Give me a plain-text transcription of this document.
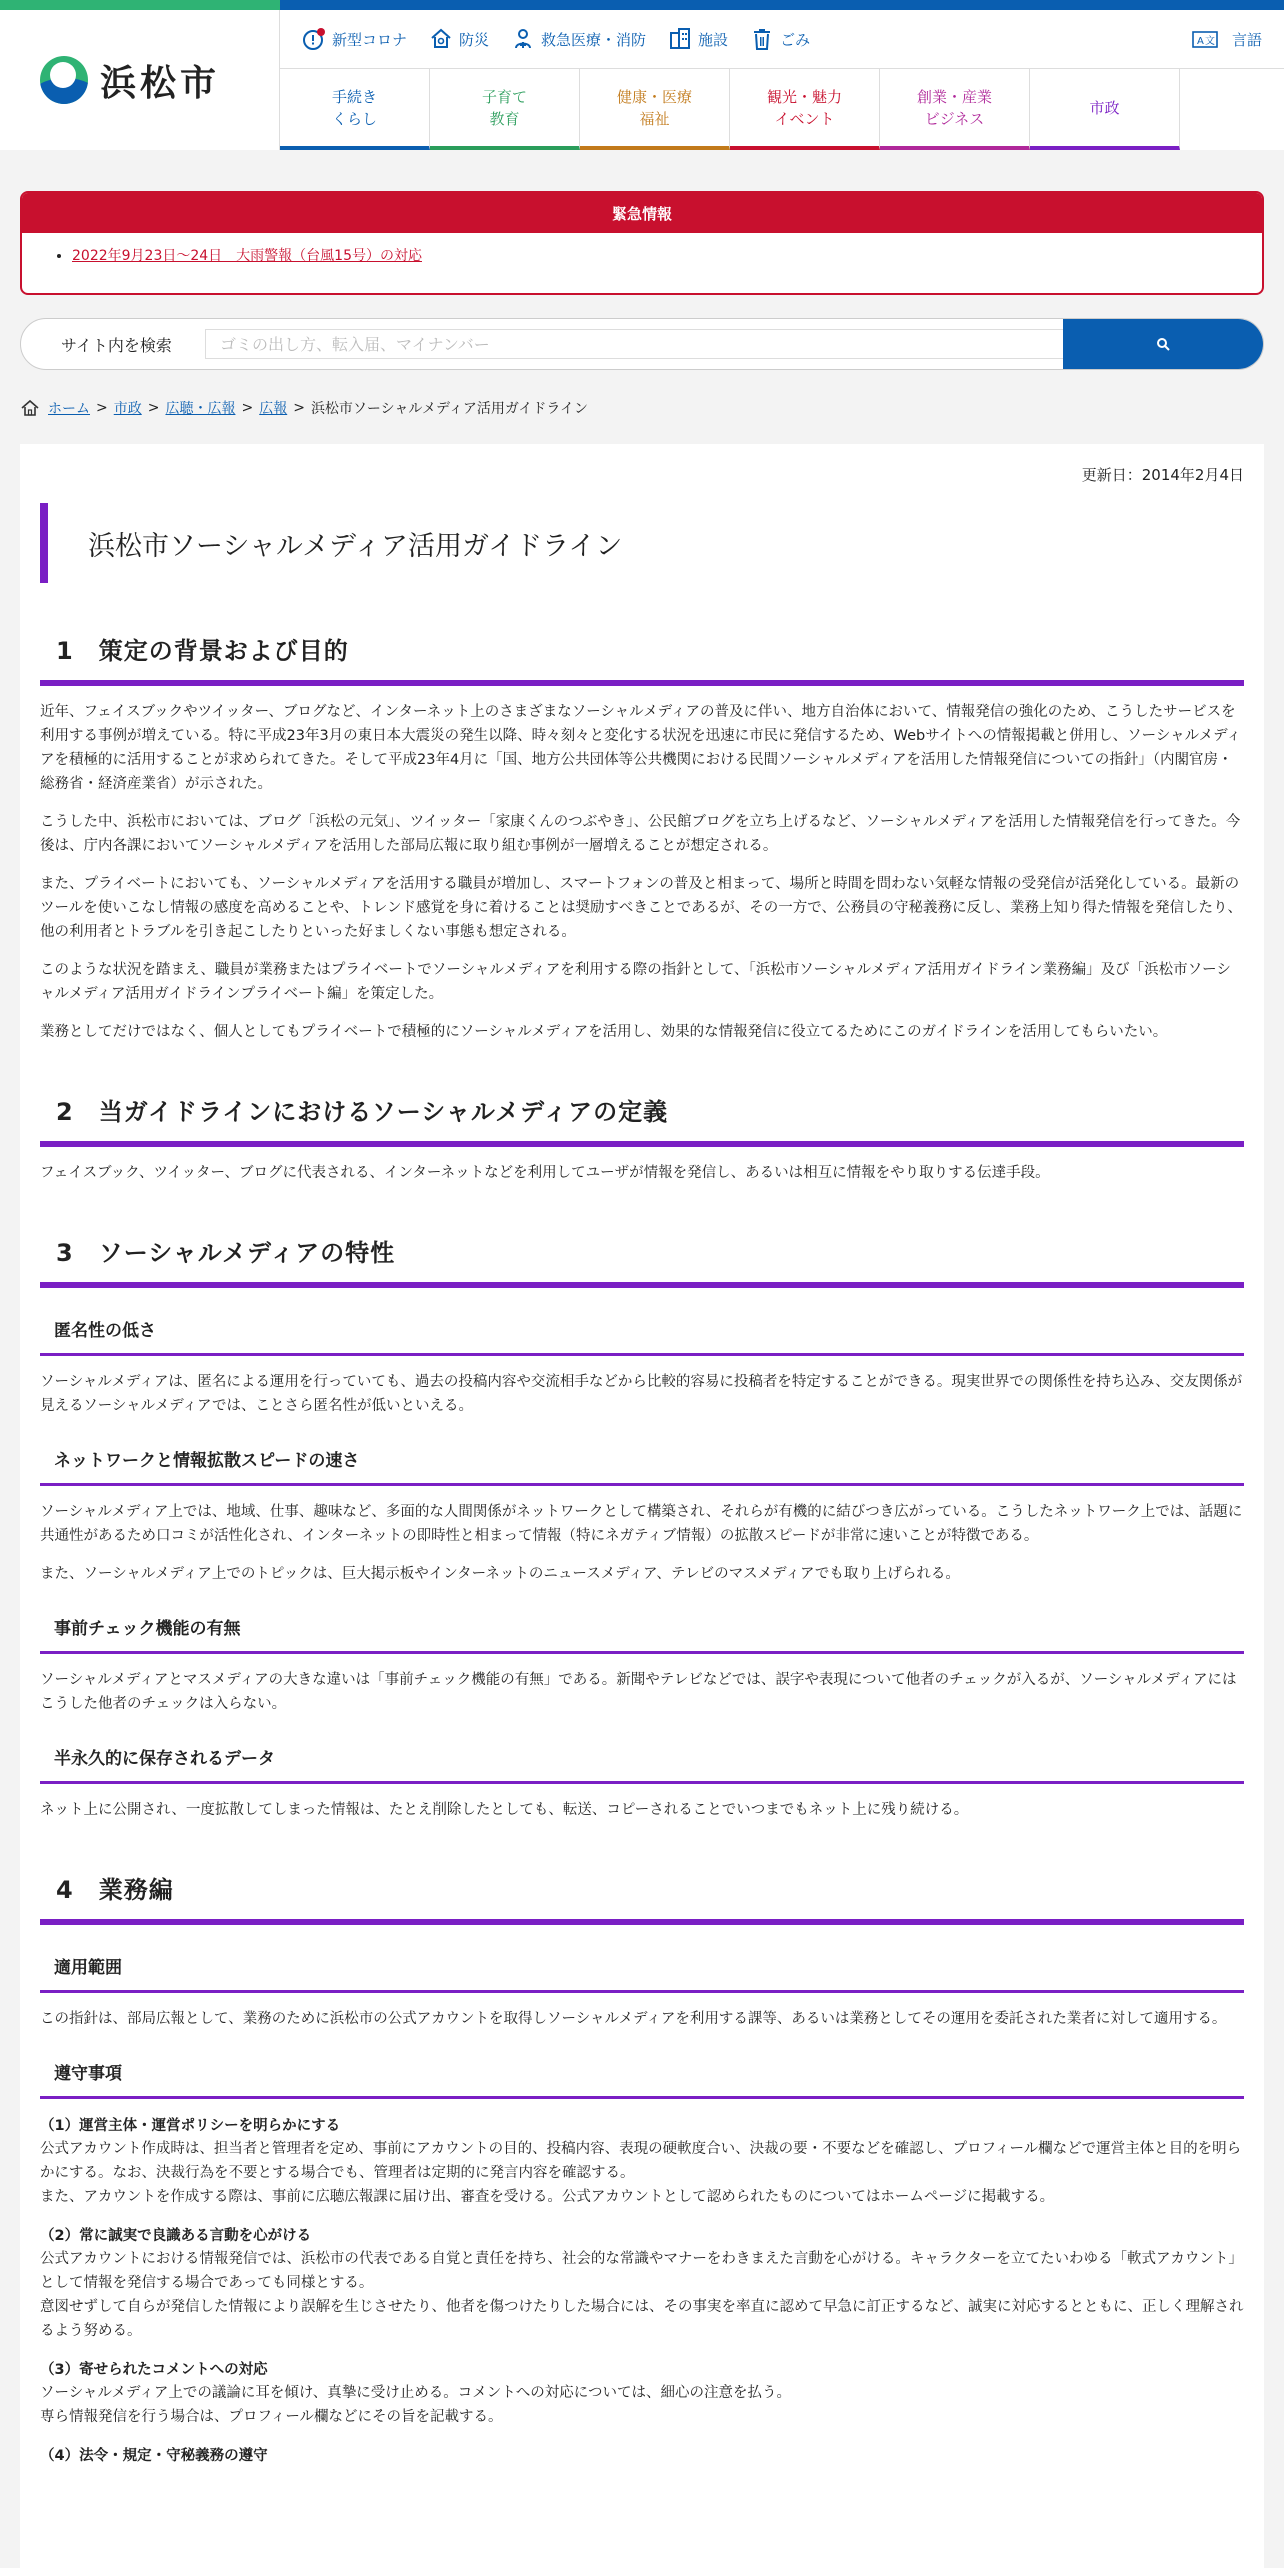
浜松市
新型コロナ	防災	救急医療・消防	施設	ごみ	A 文 言語
手続き
くらし
子育て
教育
健康・医療
福祉
観光・魅力
イベント
創業・産業
ビジネス
市政
緊急情報
• 2022年9月23日～24日　大雨警報（台風15号）の対応
サイト内を検索
ゴミの出し方、転入届、マイナンバー
ホーム > 市政 > 広聴・広報 > 広報 > 浜松市ソーシャルメディア活用ガイドライン
更新日：2014年2月4日
浜松市ソーシャルメディア活用ガイドライン
1　策定の背景および目的

近年、フェイスブックやツイッター、ブログなど、インターネット上のさまざまなソーシャルメディアの普及に伴い、地方自治体において、情報発信の強化のため、こうしたサービスを利用する事例が増えている。特に平成23年3月の東日本大震災の発生以降、時々刻々と変化する状況を迅速に市民に発信するため、Webサイトへの情報掲載と併用し、ソーシャルメディアを積極的に活用することが求められてきた。そして平成23年4月に「国、地方公共団体等公共機関における民間ソーシャルメディアを活用した情報発信についての指針」（内閣官房・総務省・経済産業省）が示された。

こうした中、浜松市においては、ブログ「浜松の元気」、ツイッター「家康くんのつぶやき」、公民館ブログを立ち上げるなど、ソーシャルメディアを活用した情報発信を行ってきた。今後は、庁内各課においてソーシャルメディアを活用した部局広報に取り組む事例が一層増えることが想定される。

また、プライベートにおいても、ソーシャルメディアを活用する職員が増加し、スマートフォンの普及と相まって、場所と時間を問わない気軽な情報の受発信が活発化している。最新のツールを使いこなし情報の感度を高めることや、トレンド感覚を身に着けることは奨励すべきことであるが、その一方で、公務員の守秘義務に反し、業務上知り得た情報を発信したり、他の利用者とトラブルを引き起こしたりといった好ましくない事態も想定される。

このような状況を踏まえ、職員が業務またはプライベートでソーシャルメディアを利用する際の指針として、「浜松市ソーシャルメディア活用ガイドライン業務編」及び「浜松市ソーシャルメディア活用ガイドラインプライベート編」を策定した。

業務としてだけではなく、個人としてもプライベートで積極的にソーシャルメディアを活用し、効果的な情報発信に役立てるためにこのガイドラインを活用してもらいたい。

2　当ガイドラインにおけるソーシャルメディアの定義

フェイスブック、ツイッター、ブログに代表される、インターネットなどを利用してユーザが情報を発信し、あるいは相互に情報をやり取りする伝達手段。

3　ソーシャルメディアの特性
匿名性の低さ

ソーシャルメディアは、匿名による運用を行っていても、過去の投稿内容や交流相手などから比較的容易に投稿者を特定することができる。現実世界での関係性を持ち込み、交友関係が見えるソーシャルメディアでは、ことさら匿名性が低いといえる。

ネットワークと情報拡散スピードの速さ

ソーシャルメディア上では、地域、仕事、趣味など、多面的な人間関係がネットワークとして構築され、それらが有機的に結びつき広がっている。こうしたネットワーク上では、話題に共通性があるため口コミが活性化され、インターネットの即時性と相まって情報（特にネガティブ情報）の拡散スピードが非常に速いことが特徴である。

また、ソーシャルメディア上でのトピックは、巨大掲示板やインターネットのニュースメディア、テレビのマスメディアでも取り上げられる。

事前チェック機能の有無

ソーシャルメディアとマスメディアの大きな違いは「事前チェック機能の有無」である。新聞やテレビなどでは、誤字や表現について他者のチェックが入るが、ソーシャルメディアにはこうした他者のチェックは入らない。

半永久的に保存されるデータ

ネット上に公開され、一度拡散してしまった情報は、たとえ削除したとしても、転送、コピーされることでいつまでもネット上に残り続ける。

4　業務編
適用範囲

この指針は、部局広報として、業務のために浜松市の公式アカウントを取得しソーシャルメディアを利用する課等、あるいは業務としてその運用を委託された業者に対して適用する。

遵守事項
（1）運営主体・運営ポリシーを明らかにする

公式アカウント作成時は、担当者と管理者を定め、事前にアカウントの目的、投稿内容、表現の硬軟度合い、決裁の要・不要などを確認し、プロフィール欄などで運営主体と目的を明らかにする。なお、決裁行為を不要とする場合でも、管理者は定期的に発言内容を確認する。

また、アカウントを作成する際は、事前に広聴広報課に届け出、審査を受ける。公式アカウントとして認められたものについてはホームページに掲載する。

（2）常に誠実で良識ある言動を心がける

公式アカウントにおける情報発信では、浜松市の代表である自覚と責任を持ち、社会的な常識やマナーをわきまえた言動を心がける。キャラクターを立てたいわゆる「軟式アカウント」として情報を発信する場合であっても同様とする。

意図せずして自らが発信した情報により誤解を生じさせたり、他者を傷つけたりした場合には、その事実を率直に認めて早急に訂正するなど、誠実に対応するとともに、正しく理解されるよう努める。

（3）寄せられたコメントへの対応

ソーシャルメディア上での議論に耳を傾け、真摯に受け止める。コメントへの対応については、細心の注意を払う。

専ら情報発信を行う場合は、プロフィール欄などにその旨を記載する。

（4）法令・規定・守秘義務の遵守
